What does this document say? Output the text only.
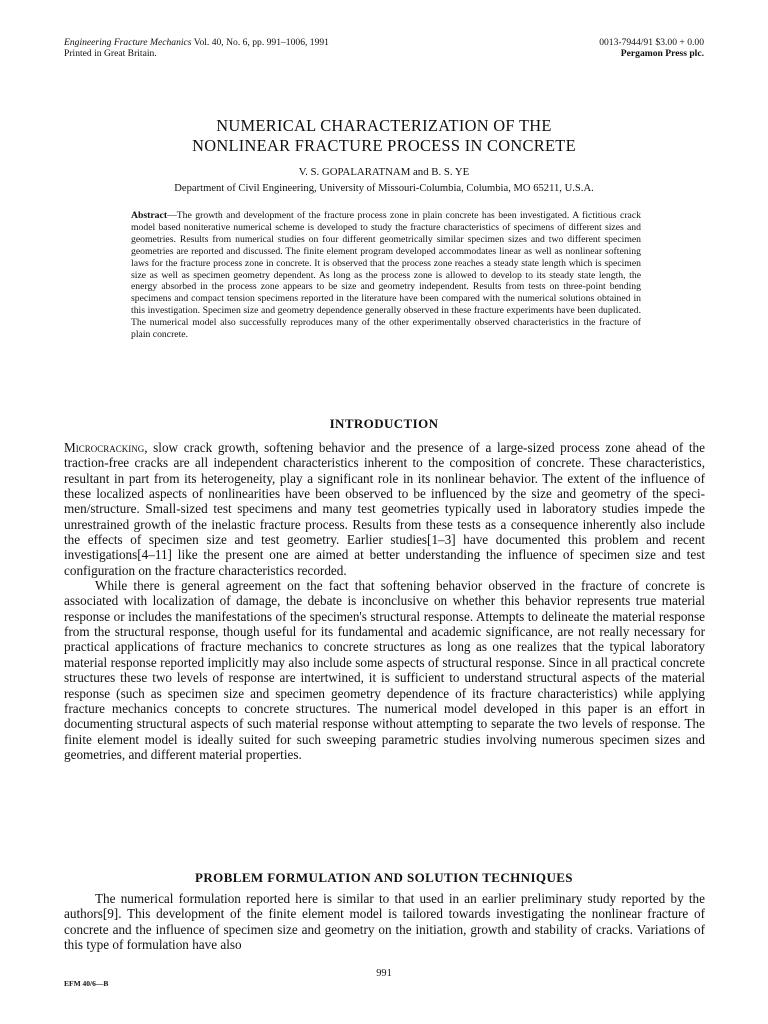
Engineering Fracture Mechanics Vol. 40, No. 6, pp. 991–1006, 1991
Printed in Great Britain.
0013-7944/91 $3.00 + 0.00
Pergamon Press plc.
NUMERICAL CHARACTERIZATION OF THE
NONLINEAR FRACTURE PROCESS IN CONCRETE
V. S. GOPALARATNAM and B. S. YE
Department of Civil Engineering, University of Missouri-Columbia, Columbia, MO 65211, U.S.A.
Abstract—The growth and development of the fracture process zone in plain concrete has been investigated. A fictitious crack model based noniterative numerical scheme is developed to study the fracture characteristics of specimens of different sizes and geometries. Results from numerical studies on four different geometrically similar specimen sizes and two different specimen geometries are reported and discussed. The finite element program developed accommodates linear as well as nonlinear softening laws for the fracture process zone in concrete. It is observed that the process zone reaches a steady state length which is specimen size as well as specimen geometry dependent. As long as the process zone is allowed to develop to its steady state length, the energy absorbed in the process zone appears to be size and geometry independent. Results from tests on three-point bending specimens and compact tension specimens reported in the literature have been compared with the numerical solutions obtained in this investigation. Specimen size and geometry dependence generally observed in these fracture experiments have been duplicated. The numerical model also successfully reproduces many of the other experimentally observed characteristics in the fracture of plain concrete.
INTRODUCTION

Microcracking, slow crack growth, softening behavior and the presence of a large-sized process zone ahead of the traction-free cracks are all independent characteristics inherent to the composition of concrete. These characteristics, resultant in part from its heterogeneity, play a significant role in its nonlinear behavior. The extent of the influence of these localized aspects of nonlinearities have been observed to be influenced by the size and geometry of the speci-men/structure. Small-sized test specimens and many test geometries typically used in laboratory studies impede the unrestrained growth of the inelastic fracture process. Results from these tests as a consequence inherently also include the effects of specimen size and test geometry. Earlier studies[1–3] have documented this problem and recent investigations[4–11] like the present one are aimed at better understanding the influence of specimen size and test configuration on the fracture characteristics recorded.

While there is general agreement on the fact that softening behavior observed in the fracture of concrete is associated with localization of damage, the debate is inconclusive on whether this behavior represents true material response or includes the manifestations of the specimen's structural response. Attempts to delineate the material response from the structural response, though useful for its fundamental and academic significance, are not really necessary for practical applications of fracture mechanics to concrete structures as long as one realizes that the typical laboratory material response reported implicitly may also include some aspects of structural response. Since in all practical concrete structures these two levels of response are intertwined, it is sufficient to understand structural aspects of the material response (such as specimen size and specimen geometry dependence of its fracture characteristics) while applying fracture mechanics concepts to concrete structures. The numerical model developed in this paper is an effort in documenting structural aspects of such material response without attempting to separate the two levels of response. The finite element model is ideally suited for such sweeping parametric studies involving numerous specimen sizes and geometries, and different material properties.

PROBLEM FORMULATION AND SOLUTION TECHNIQUES

The numerical formulation reported here is similar to that used in an earlier preliminary study reported by the authors[9]. This development of the finite element model is tailored towards investigating the nonlinear fracture of concrete and the influence of specimen size and geometry on the initiation, growth and stability of cracks. Variations of this type of formulation have also

991
EFM 40/6—B
